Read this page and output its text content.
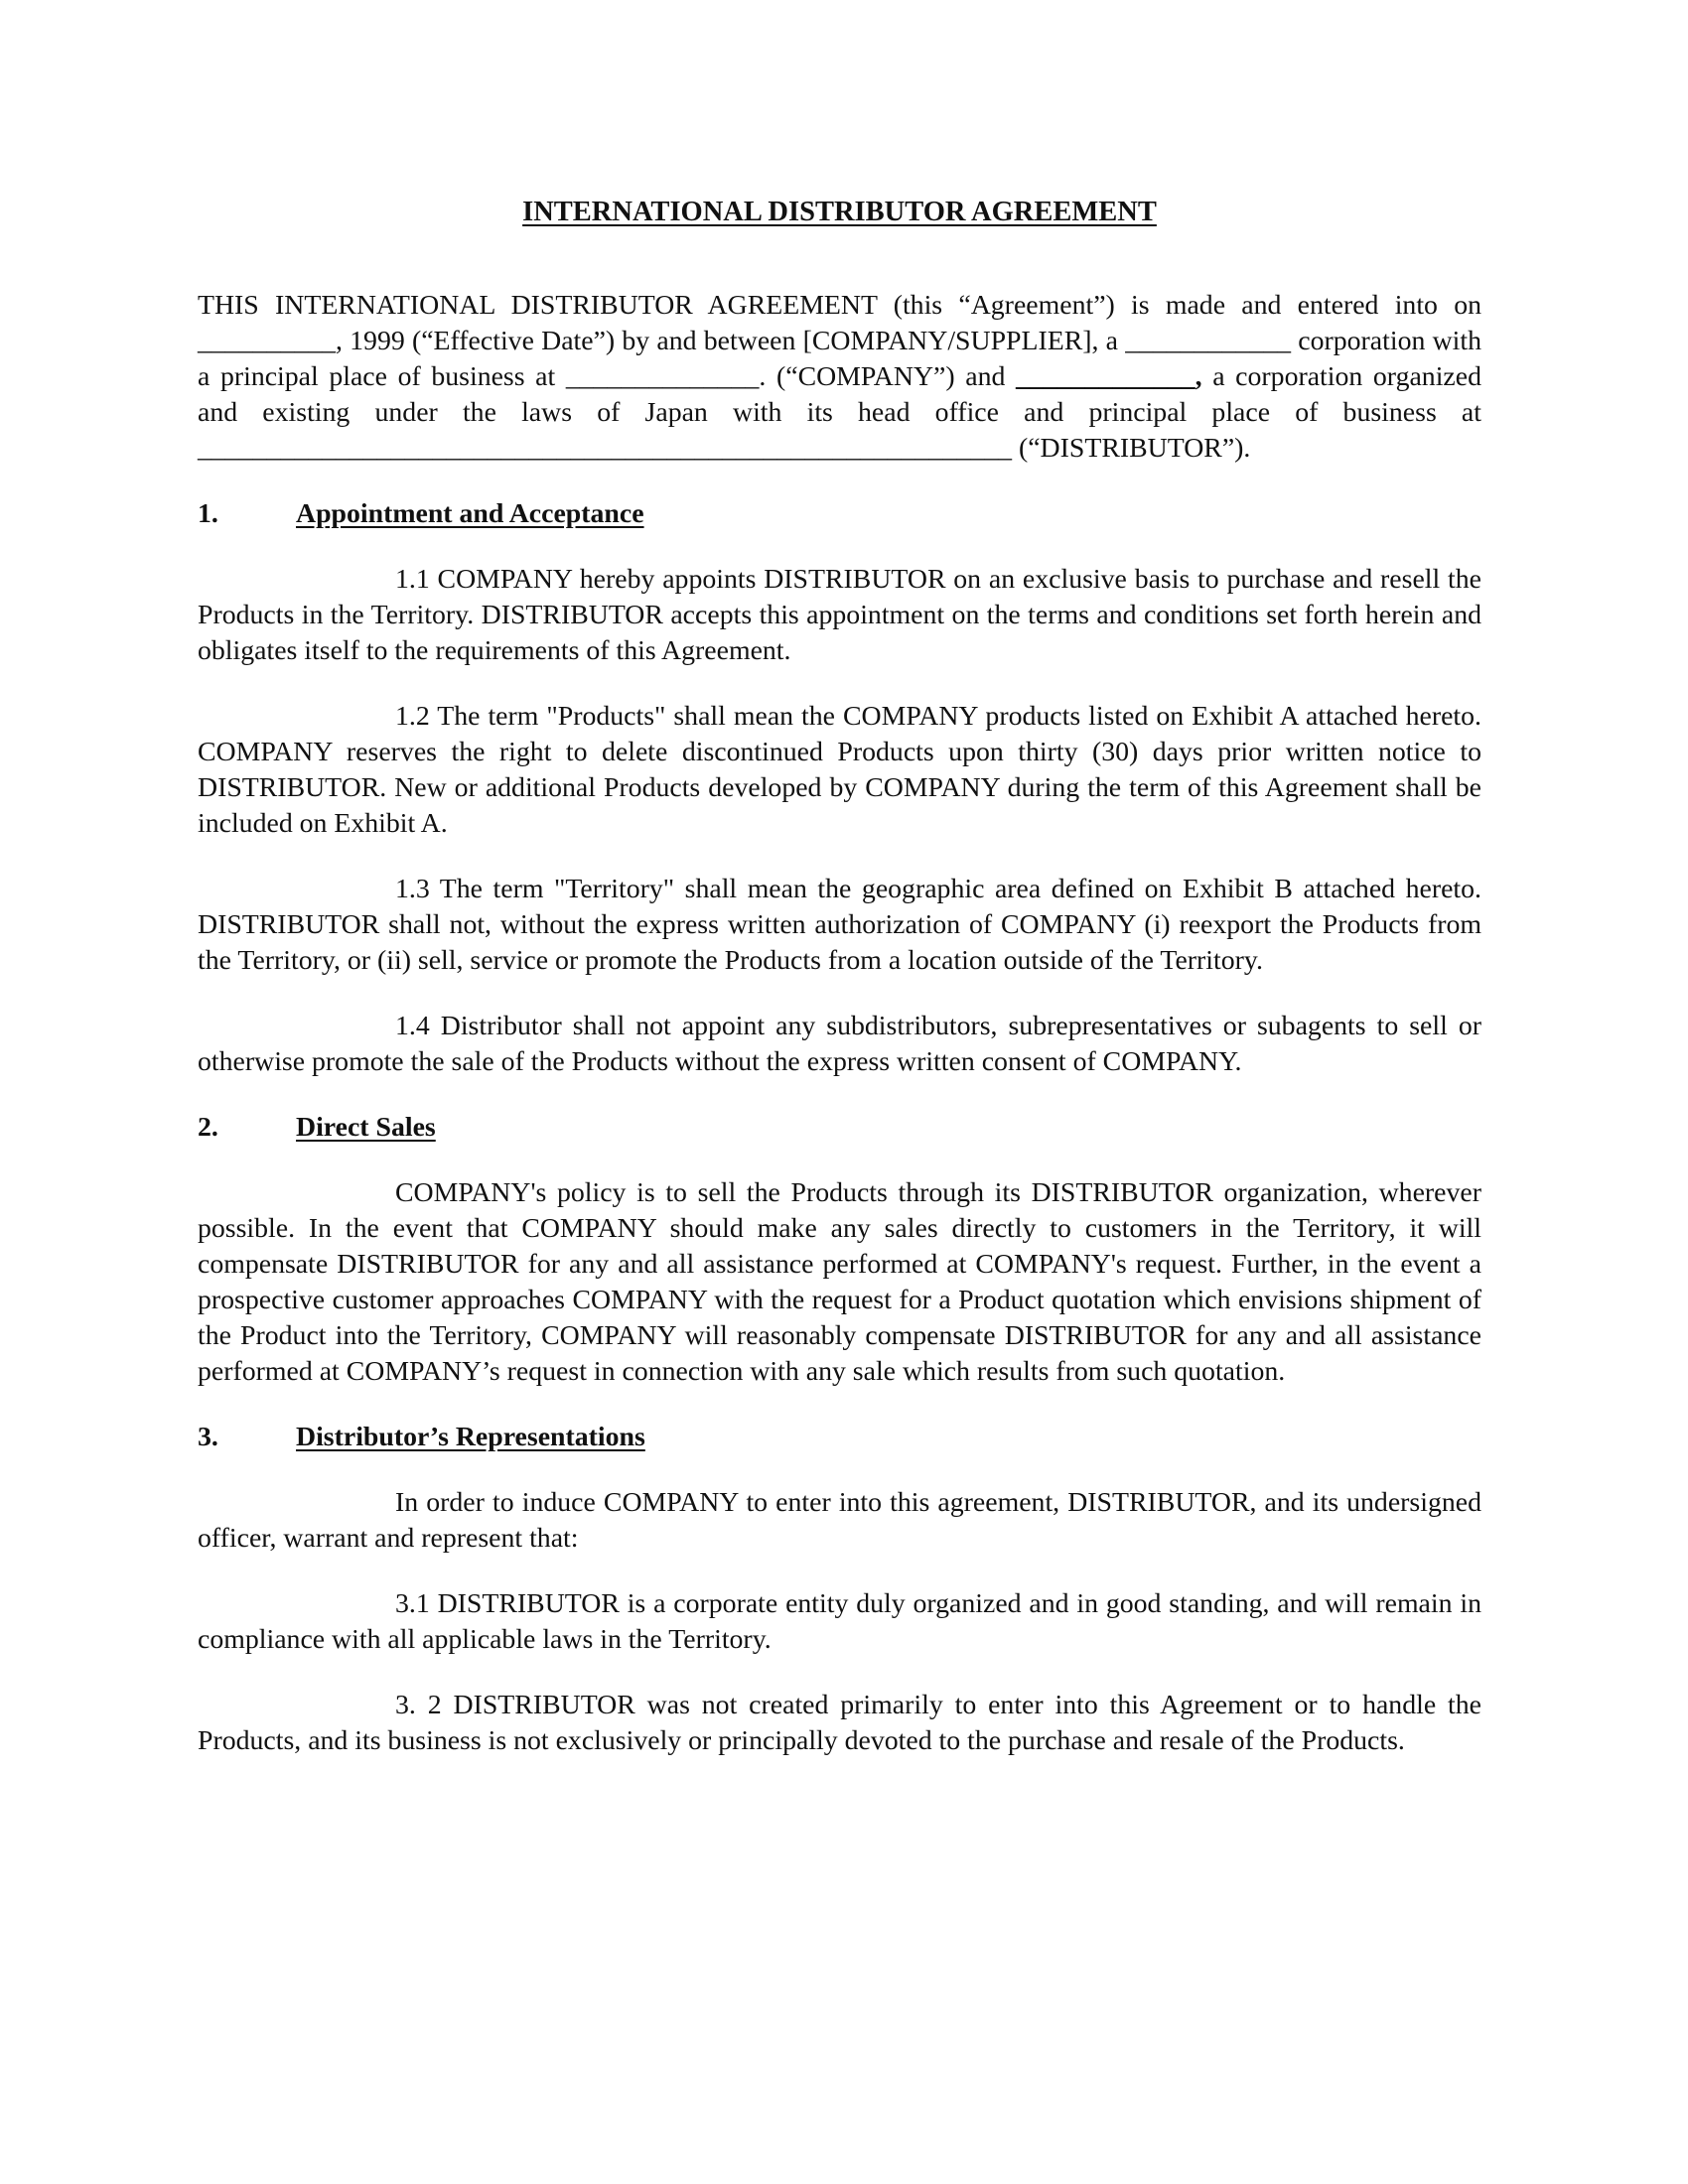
INTERNATIONAL DISTRIBUTOR AGREEMENT

THIS INTERNATIONAL DISTRIBUTOR AGREEMENT (this “Agreement”) is made and entered into on __________, 1999 (“Effective Date”) by and between [COMPANY/SUPPLIER], a ____________ corporation with a principal place of business at ______________. (“COMPANY”) and _____________, a corporation organized and existing under the laws of Japan with its head office and principal place of business at ___________________________________________________________ (“DISTRIBUTOR”).

1.	Appointment and Acceptance

1.1 COMPANY hereby appoints DISTRIBUTOR on an exclusive basis to purchase and resell the Products in the Territory. DISTRIBUTOR accepts this appointment on the terms and conditions set forth herein and obligates itself to the requirements of this Agreement.

1.2 The term "Products" shall mean the COMPANY products listed on Exhibit A attached hereto. COMPANY reserves the right to delete discontinued Products upon thirty (30) days prior written notice to DISTRIBUTOR. New or additional Products developed by COMPANY during the term of this Agreement shall be included on Exhibit A.

1.3 The term "Territory" shall mean the geographic area defined on Exhibit B attached hereto. DISTRIBUTOR shall not, without the express written authorization of COMPANY (i) reexport the Products from the Territory, or (ii) sell, service or promote the Products from a location outside of the Territory.

1.4 Distributor shall not appoint any subdistributors, subrepresentatives or subagents to sell or otherwise promote the sale of the Products without the express written consent of COMPANY.

2.	Direct Sales

COMPANY's policy is to sell the Products through its DISTRIBUTOR organization, wherever possible. In the event that COMPANY should make any sales directly to customers in the Territory, it will compensate DISTRIBUTOR for any and all assistance performed at COMPANY's request. Further, in the event a prospective customer approaches COMPANY with the request for a Product quotation which envisions shipment of the Product into the Territory, COMPANY will reasonably compensate DISTRIBUTOR for any and all assistance performed at COMPANY’s request in connection with any sale which results from such quotation.

3.	Distributor’s Representations

In order to induce COMPANY to enter into this agreement, DISTRIBUTOR, and its undersigned officer, warrant and represent that:

3.1 DISTRIBUTOR is a corporate entity duly organized and in good standing, and will remain in compliance with all applicable laws in the Territory.

3. 2 DISTRIBUTOR was not created primarily to enter into this Agreement or to handle the Products, and its business is not exclusively or principally devoted to the purchase and resale of the Products.
